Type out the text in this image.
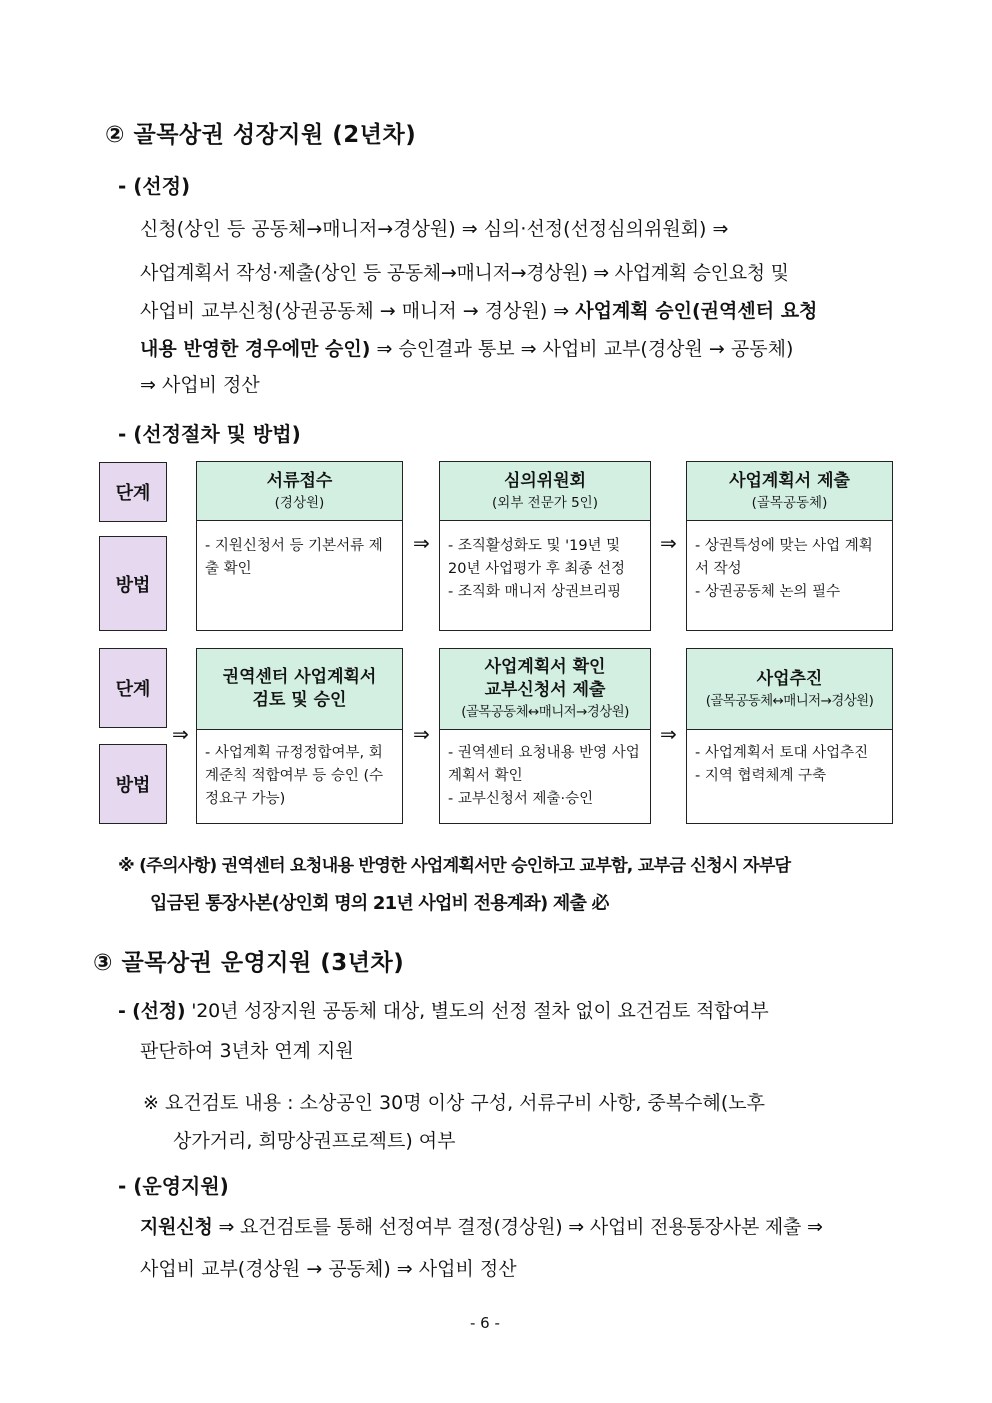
② 골목상권 성장지원 (2년차)
- (선정)
신청(상인 등 공동체→매니저→경상원) ⇒ 심의·선정(선정심의위원회) ⇒
사업계획서 작성·제출(상인 등 공동체→매니저→경상원) ⇒ 사업계획 승인요청 및
사업비 교부신청(상권공동체 → 매니저 → 경상원) ⇒ 사업계획 승인(권역센터 요청
내용 반영한 경우에만 승인) ⇒ 승인결과 통보 ⇒ 사업비 교부(경상원 → 공동체)
⇒ 사업비 정산
- (선정절차 및 방법)
단계
방법
서류접수
(경상원)
- 지원신청서 등 기본서류 제출 확인
⇒
심의위원회
(외부 전문가 5인)
- 조직활성화도 및 '19년 및 20년 사업평가 후 최종 선정
- 조직화 매니저 상권브리핑
⇒
사업계획서 제출
(골목공동체)
- 상권특성에 맞는 사업 계획서 작성
- 상권공동체 논의 필수
단계
방법
⇒
권역센터 사업계획서
검토 및 승인
- 사업계획 규정정합여부, 회계준칙 적합여부 등 승인 (수정요구 가능)
⇒
사업계획서 확인
교부신청서 제출
(골목공동체↔매니저→경상원)
- 권역센터 요청내용 반영 사업계획서 확인
- 교부신청서 제출·승인
⇒
사업추진
(골목공동체↔매니저→경상원)
- 사업계획서 토대 사업추진
- 지역 협력체계 구축
※ (주의사항) 권역센터 요청내용 반영한 사업계획서만 승인하고 교부함, 교부금 신청시 자부담
입금된 통장사본(상인회 명의 21년 사업비 전용계좌) 제출 必
③ 골목상권 운영지원 (3년차)
- (선정) '20년 성장지원 공동체 대상, 별도의 선정 절차 없이 요건검토 적합여부
판단하여 3년차 연계 지원
※ 요건검토 내용 : 소상공인 30명 이상 구성, 서류구비 사항, 중복수혜(노후
상가거리, 희망상권프로젝트) 여부
- (운영지원)
지원신청 ⇒ 요건검토를 통해 선정여부 결정(경상원) ⇒ 사업비 전용통장사본 제출 ⇒
사업비 교부(경상원 → 공동체) ⇒ 사업비 정산
- 6 -
